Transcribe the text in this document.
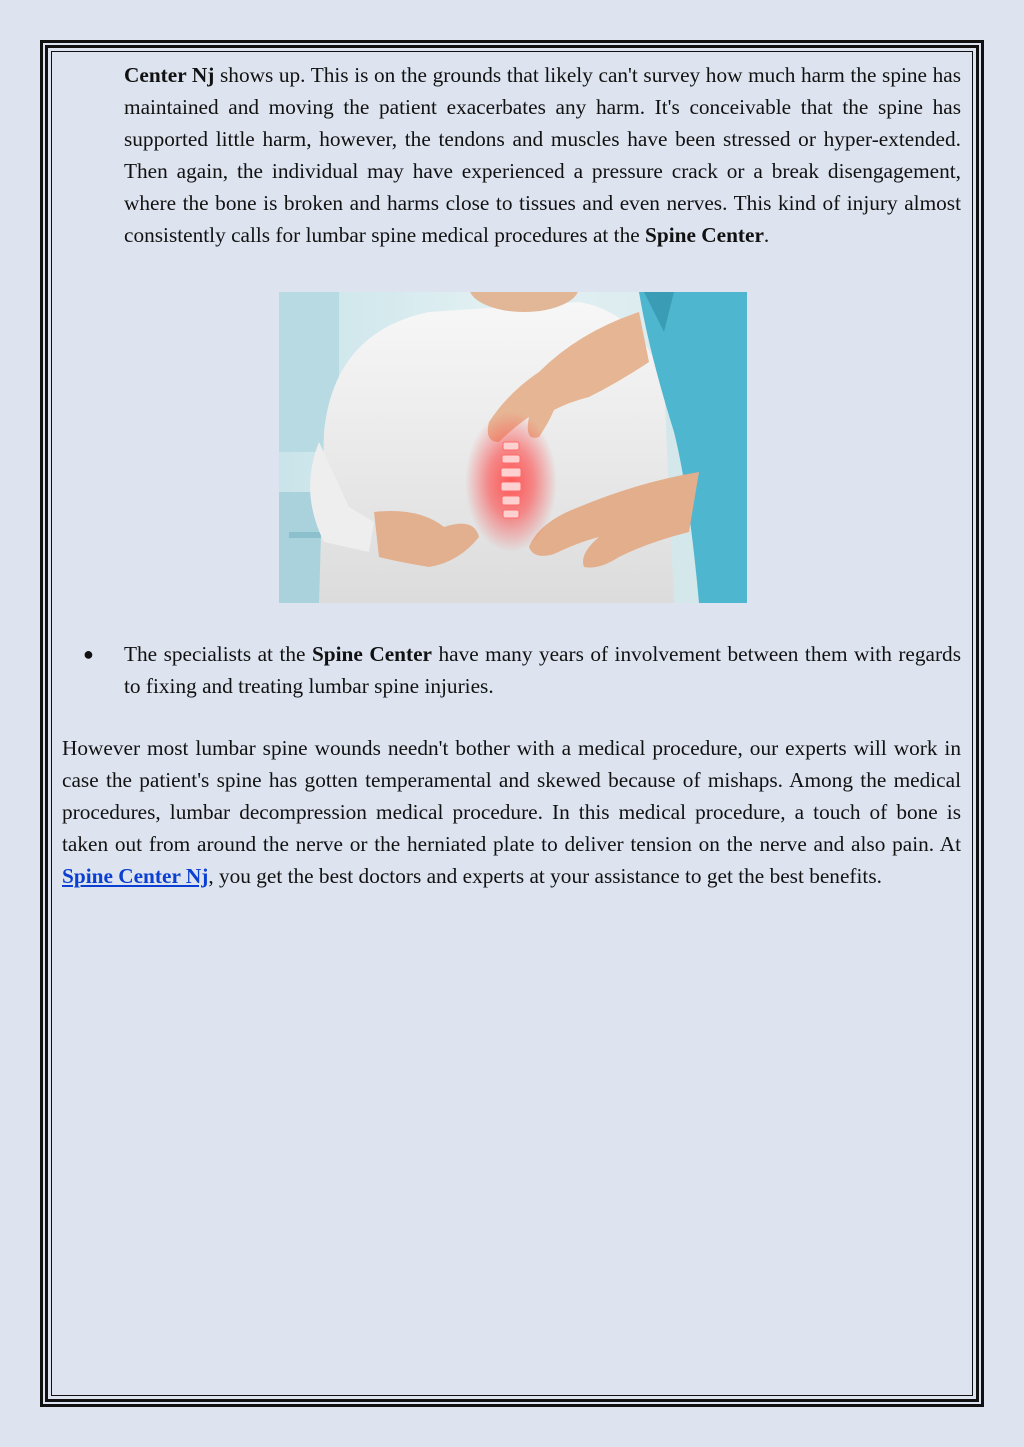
Center Nj shows up. This is on the grounds that likely can't survey how much harm the spine has maintained and moving the patient exacerbates any harm. It's conceivable that the spine has supported little harm, however, the tendons and muscles have been stressed or hyper-extended. Then again, the individual may have experienced a pressure crack or a break disengagement, where the bone is broken and harms close to tissues and even nerves. This kind of injury almost consistently calls for lumbar spine medical procedures at the Spine Center.

● The specialists at the Spine Center have many years of involvement between them with regards to fixing and treating lumbar spine injuries.

However most lumbar spine wounds needn't bother with a medical procedure, our experts will work in case the patient's spine has gotten temperamental and skewed because of mishaps. Among the medical procedures, lumbar decompression medical procedure. In this medical procedure, a touch of bone is taken out from around the nerve or the herniated plate to deliver tension on the nerve and also pain. At Spine Center Nj, you get the best doctors and experts at your assistance to get the best benefits.
